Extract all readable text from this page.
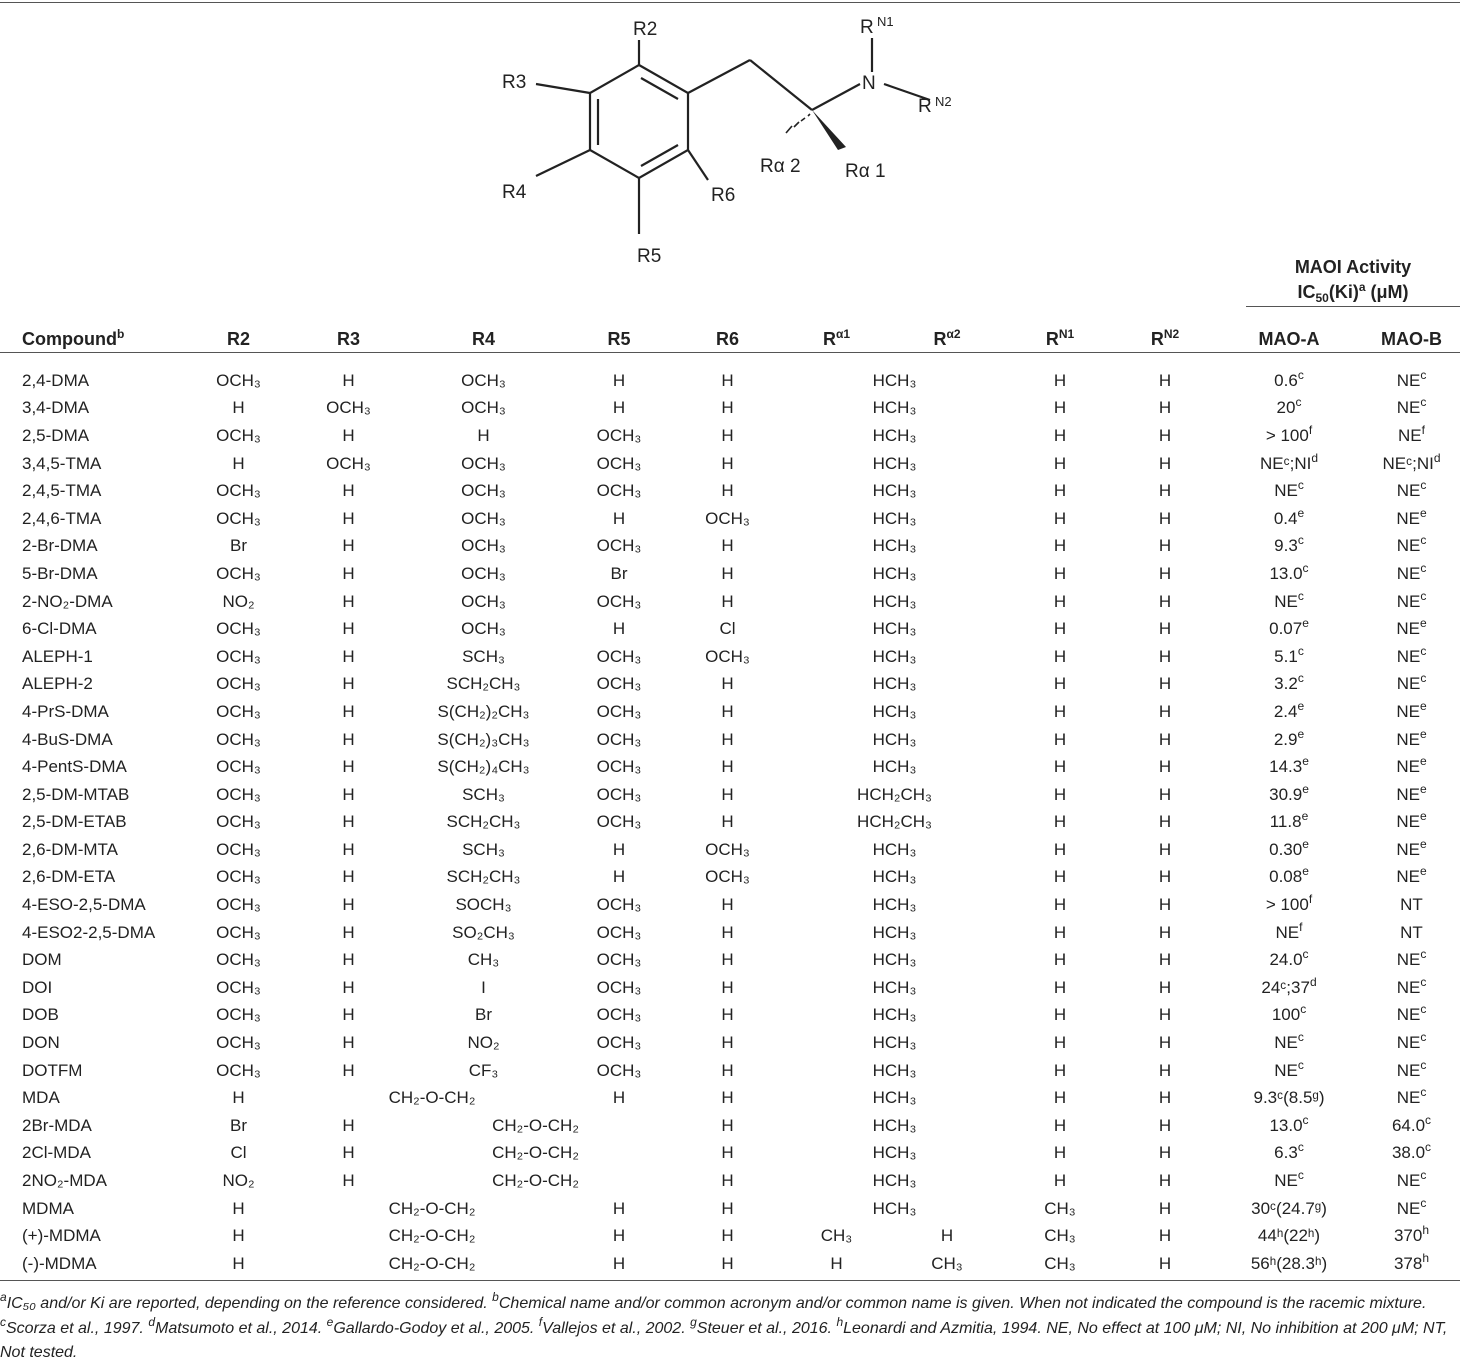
R2
R3
R4
R5
R6
N
R N1
R N2
Rα 2 Rα 1
MAOI Activity
$IC_{50}(Ki)^a$ (μM)
Compound$^b$	R2	R3	R4	R5	R6	$R^{\alpha 1}$	$R^{\alpha 2}$	$R^{N1}$	$R^{N2}$	MAO-A	MAO-B

2,4-DMA	OCH₃	H	OCH₃	H	H	HCH₃		H	H	0.6$^c$	$NE^c$
3,4-DMA	H	OCH₃	OCH₃	H	H	HCH₃		H	H	20$^c$	$NE^c$
2,5-DMA	OCH₃	H	H	OCH₃	H	HCH₃		H	H	> $100^f$	$NE^f$
3,4,5-TMA	H	OCH₃	OCH₃	OCH₃	H	HCH₃		H	H	$NEᶜ;NI^d$	$NEᶜ;NI^d$
2,4,5-TMA	OCH₃	H	OCH₃	OCH₃	H	HCH₃		H	H	$NE^c$	$NE^c$
2,4,6-TMA	OCH₃	H	OCH₃	H	OCH₃	HCH₃		H	H	0.4e	$NE^e$
2-Br-DMA	Br	H	OCH₃	OCH₃	H	HCH₃		H	H	9.3$^c$	$NE^c$
5-Br-DMA	OCH₃	H	OCH₃	Br	H	HCH₃		H	H	13.0$^c$	$NE^c$
2-NO₂-DMA	NO₂	H	OCH₃	OCH₃	H	HCH₃		H	H	$NE^c$	$NE^c$
6-Cl-DMA	OCH₃	H	OCH₃	H	Cl	HCH₃		H	H	0.07e	$NE^e$
ALEPH-1	OCH₃	H	SCH₃	OCH₃	OCH₃	HCH₃		H	H	5.1$^c$	$NE^c$
ALEPH-2	OCH₃	H	SCH₂CH₃	OCH₃	H	HCH₃		H	H	3.2$^c$	$NE^c$
4-PrS-DMA	OCH₃	H	S(CH₂)₂CH₃	OCH₃	H	HCH₃		H	H	2.4e	$NE^e$
4-BuS-DMA	OCH₃	H	S(CH₂)₃CH₃	OCH₃	H	HCH₃		H	H	2.9e	$NE^e$
4-PentS-DMA	OCH₃	H	S(CH₂)₄CH₃	OCH₃	H	HCH₃		H	H	14.3e	$NE^e$
2,5-DM-MTAB	OCH₃	H	SCH₃	OCH₃	H	HCH₂CH₃		H	H	30.9e	$NE^e$
2,5-DM-ETAB	OCH₃	H	SCH₂CH₃	OCH₃	H	HCH₂CH₃		H	H	11.8e	$NE^e$
2,6-DM-MTA	OCH₃	H	SCH₃	H	OCH₃	HCH₃		H	H	0.30e	$NE^e$
2,6-DM-ETA	OCH₃	H	SCH₂CH₃	H	OCH₃	HCH₃		H	H	0.08e	$NE^e$
4-ESO-2,5-DMA	OCH₃	H	SOCH₃	OCH₃	H	HCH₃		H	H	> $100^f$	NT
4-ESO2-2,5-DMA	OCH₃	H	SO₂CH₃	OCH₃	H	HCH₃		H	H	$NE^f$	NT
DOM	OCH₃	H	CH₃	OCH₃	H	HCH₃		H	H	24.0$^c$	$NE^c$
DOI	OCH₃	H	I	OCH₃	H	HCH₃		H	H	24ᶜ;37$^d$	$NE^c$
DOB	OCH₃	H	Br	OCH₃	H	HCH₃		H	H	100$^c$	$NE^c$
DON	OCH₃	H	NO₂	OCH₃	H	HCH₃		H	H	$NE^c$	$NE^c$
DOTFM	OCH₃	H	CF₃	OCH₃	H	HCH₃		H	H	$NE^c$	$NE^c$
MDA	H	CH₂-O-CH₂		H	H	HCH₃		H	H	9.3ᶜ(8.5ᵍ)	$NE^c$
2Br-MDA	Br	H	CH₂-O-CH₂		H	HCH₃		H	H	13.0$^c$	64.0$^c$
2Cl-MDA	Cl	H	CH₂-O-CH₂		H	HCH₃		H	H	6.3$^c$	38.0$^c$
2NO₂-MDA	NO₂	H	CH₂-O-CH₂		H	HCH₃		H	H	$NE^c$	$NE^c$
MDMA	H	CH₂-O-CH₂		H	H	HCH₃		CH₃	H	30ᶜ(24.7ᵍ)	$NE^c$
(+)-MDMA	H	CH₂-O-CH₂		H	H	CH₃	H	CH₃	H	44ʰ(22ʰ)	370$^h$
(-)-MDMA	H	CH₂-O-CH₂		H	H	H	CH₃	CH₃	H	56ʰ(28.3ʰ)	378$^h$
$^a$IC₅₀ and/or Ki are reported, depending on the reference considered. $^b$Chemical name and/or common acronym and/or common name is given. When not indicated the compound is the racemic mixture. $^c$Scorza et al., 1997. $^d$Matsumoto et al., 2014. $^e$Gallardo-Godoy et al., 2005. $^f$Vallejos et al., 2002. $^g$Steuer et al., 2016. $^h$Leonardi and Azmitia, 1994. NE, No effect at 100 μM; NI, No inhibition at 200 μM; NT, Not tested.
